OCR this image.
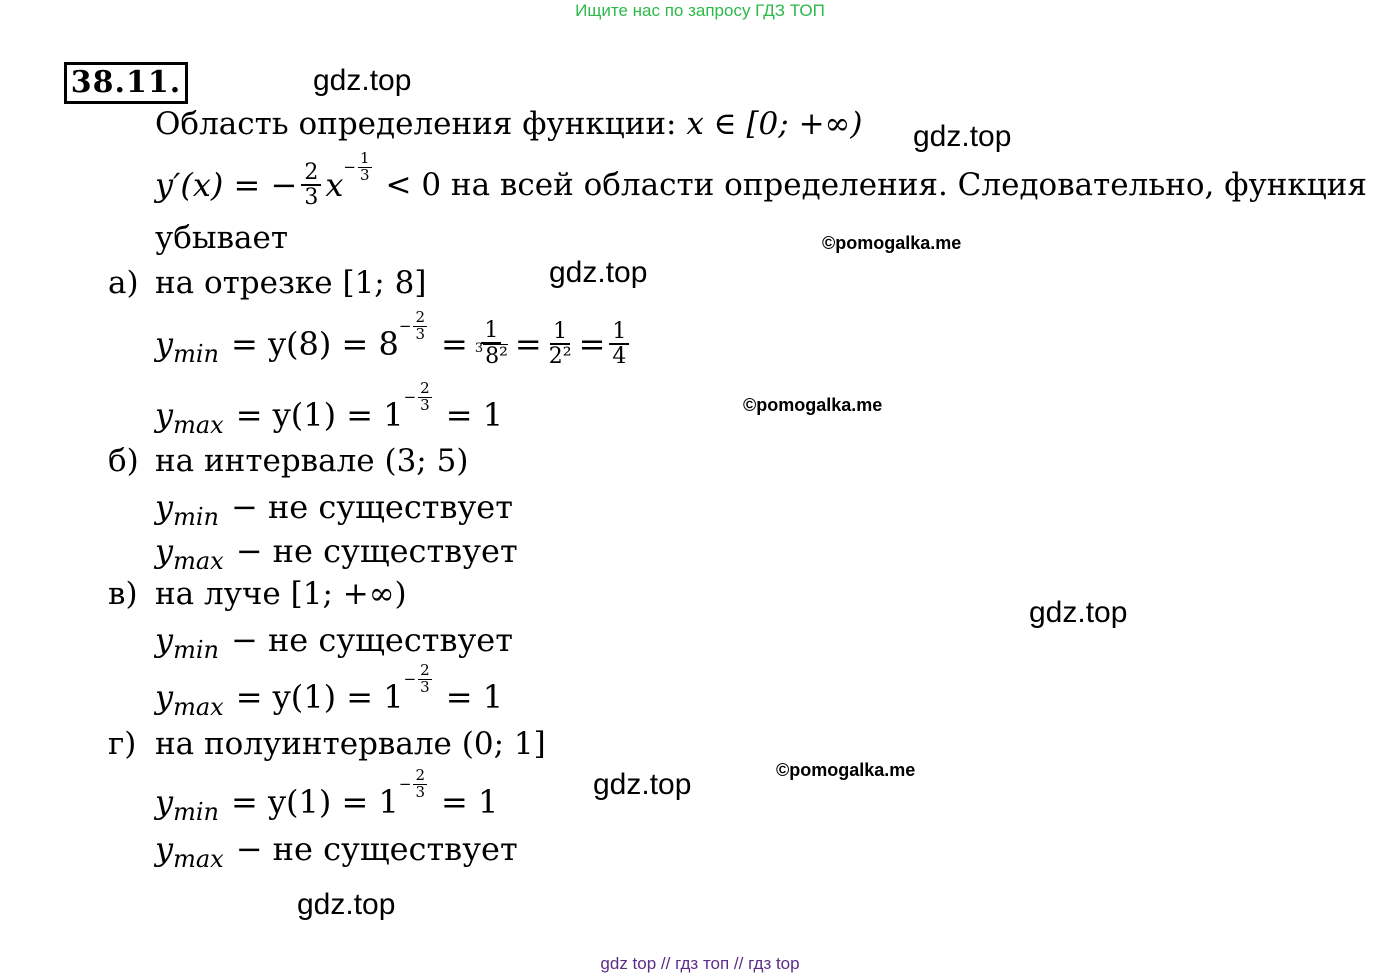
Ищите нас по запросу ГДЗ ТОП
38.11.	gdz.top
gdz.top
gdz.top
gdz.top
gdz.top
gdz.top
©pomogalka.me
©pomogalka.me
©pomogalka.me
Область определения функции: x ∈ [0; +∞)
y′(x) = − $\frac{2}{3}$ $x - \frac{1}{3} < 0$ на всей области определения. Следовательно, функция
убывает
а) на отрезке [1; 8]
y $\min = y(8) = 8 - \frac{2}{3} = \frac{1}{\text{3 8²}} = \frac{1}{\text{2²}} = \frac{1}{4}$
y $\max = y(1) = 1 - \frac{2}{3} = 1$
б) на интервале (3; 5)
y min − не существует
y max − не существует
в) на луче [1; +∞)
y min − не существует
y $\max = y(1) = 1 - \frac{2}{3} = 1$
г) на полуинтервале (0; 1]
y $\min = y(1) = 1 - \frac{2}{3} = 1$
y max − не существует
gdz top // гдз топ // гдз top
